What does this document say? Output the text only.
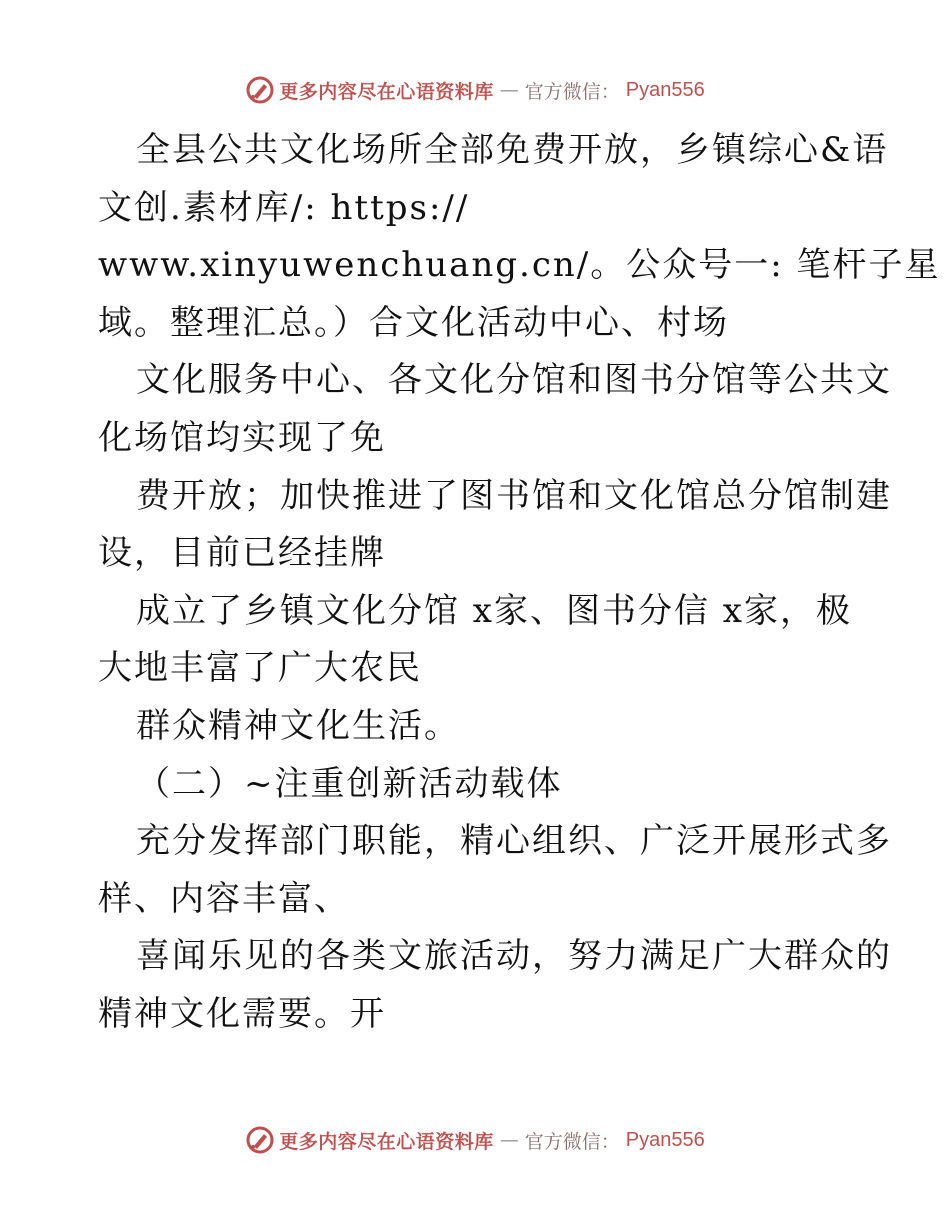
更多内容尽在心语资料库 — 官方微信： Pyan556
全县公共文化场所全部免费开放，乡镇综心&语
文创.素材库/: https://
www.xinyuwenchuang.cn/。公众号一: 笔杆子星
域。整理汇总。）合文化活动中心、村场
文化服务中心、各文化分馆和图书分馆等公共文
化场馆均实现了免
费开放；加快推进了图书馆和文化馆总分馆制建
设，目前已经挂牌
成立了乡镇文化分馆 x家、图书分信 x家，极
大地丰富了广大农民
群众精神文化生活。
（二）~注重创新活动载体
充分发挥部门职能，精心组织、广泛开展形式多
样、内容丰富、
喜闻乐见的各类文旅活动，努力满足广大群众的
精神文化需要。开
更多内容尽在心语资料库 — 官方微信： Pyan556
